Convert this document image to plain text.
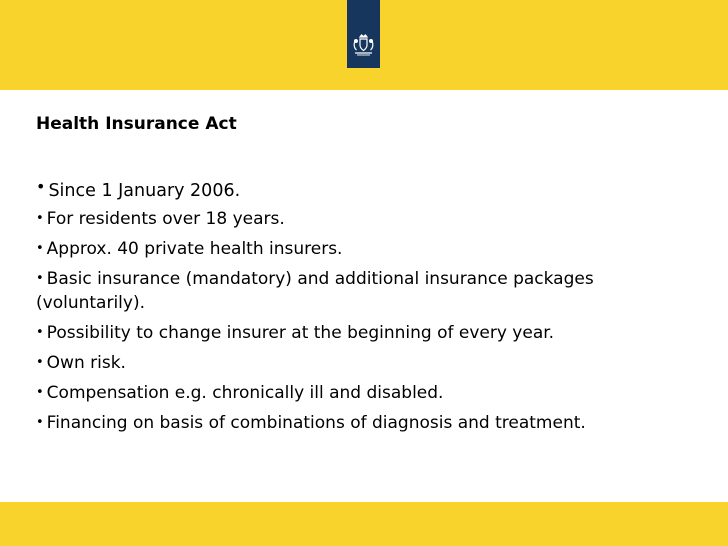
Health Insurance Act
• Since 1 January 2006.
• For residents over 18 years.
• Approx. 40 private health insurers.
• Basic insurance (mandatory) and additional insurance packages (voluntarily).
• Possibility to change insurer at the beginning of every year.
• Own risk.
• Compensation e.g. chronically ill and disabled.
• Financing on basis of combinations of diagnosis and treatment.
